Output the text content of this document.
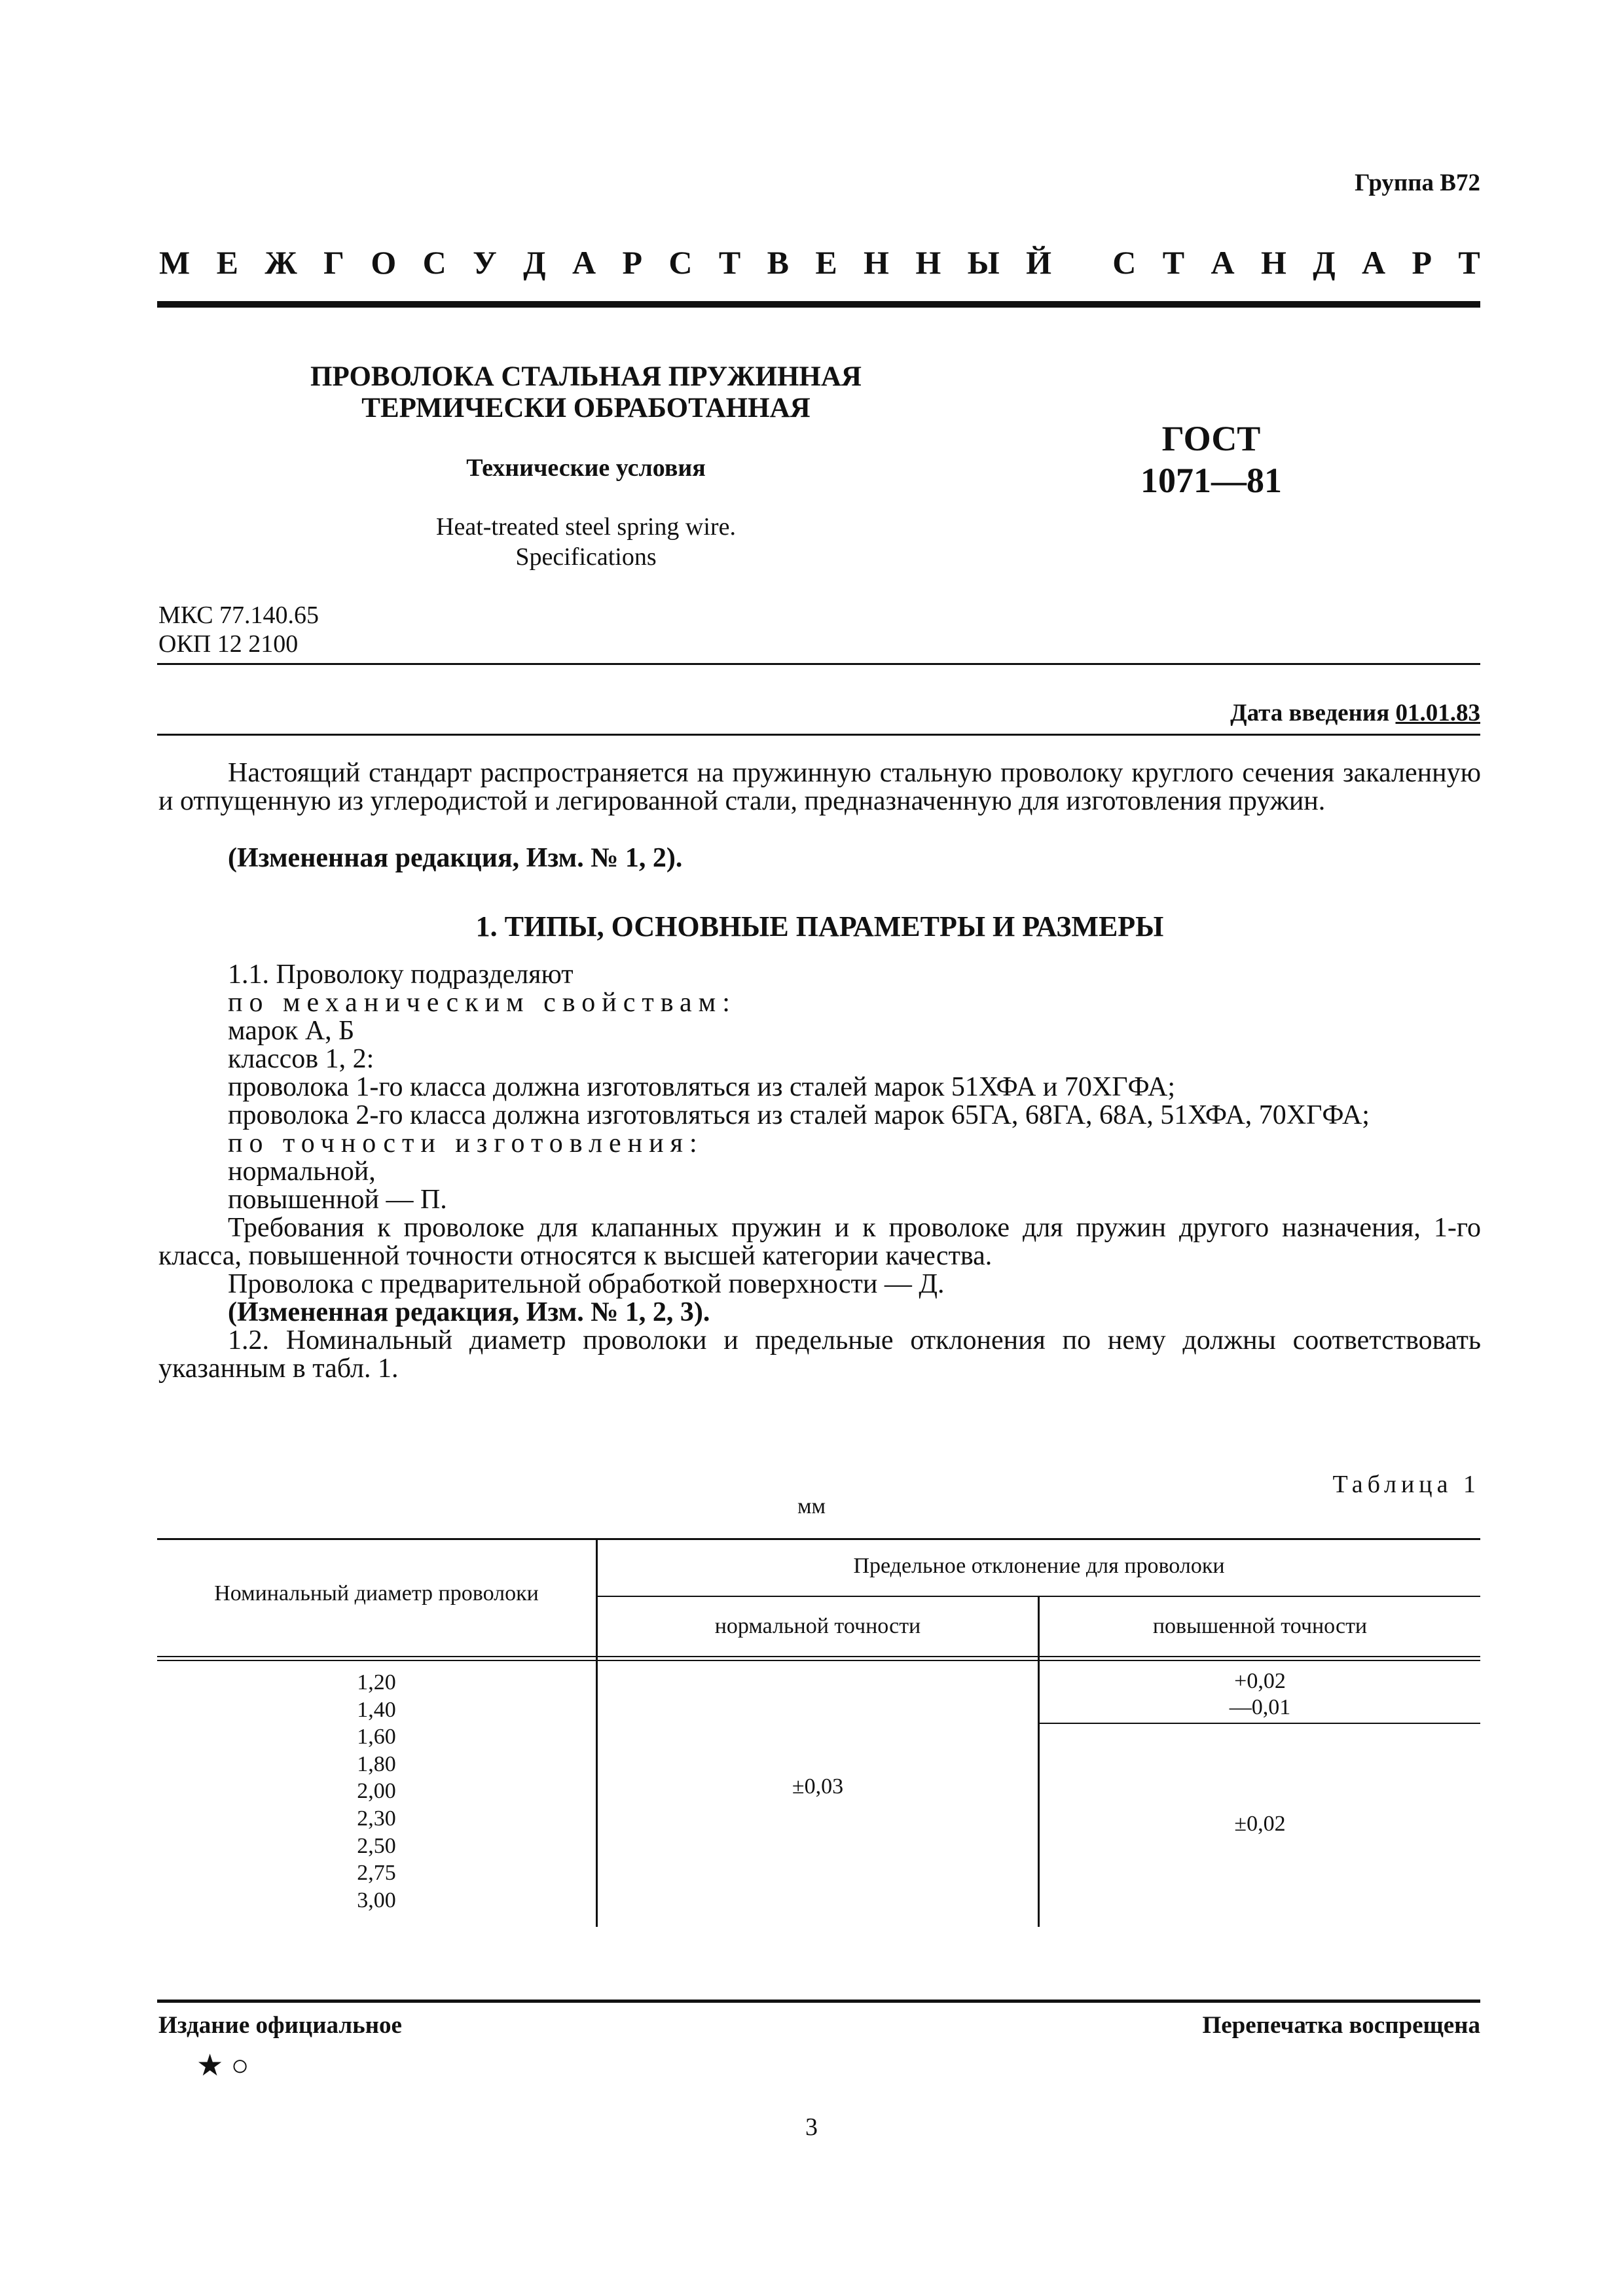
Группа В72
М Е Ж Г О С У Д А Р С Т В Е Н Н Ы Й
С Т А Н Д А Р Т
ПРОВОЛОКА СТАЛЬНАЯ ПРУЖИННАЯ
ТЕРМИЧЕСКИ ОБРАБОТАННАЯ
Технические условия
Heat-treated steel spring wire.
Specifications
ГОСТ
1071—81
МКС 77.140.65
ОКП 12 2100
Дата введения 01.01.83
Настоящий стандарт распространяется на пружинную стальную проволоку круглого сечения закаленную и отпущенную из углеродистой и легированной стали, предназначенную для изготовления пружин.
(Измененная редакция, Изм. № 1, 2).
1. ТИПЫ, ОСНОВНЫЕ ПАРАМЕТРЫ И РАЗМЕРЫ
1.1. Проволоку подразделяют
по механическим свойствам:
марок А, Б
классов 1, 2:
проволока 1-го класса должна изготовляться из сталей марок 51ХФА и 70ХГФА;
проволока 2-го класса должна изготовляться из сталей марок 65ГА, 68ГА, 68А, 51ХФА, 70ХГФА;
по точности изготовления:
нормальной,
повышенной — П.
Требования к проволоке для клапанных пружин и к проволоке для пружин другого назначения, 1-го класса, повышенной точности относятся к высшей категории качества.
Проволока с предварительной обработкой поверхности — Д.
(Измененная редакция, Изм. № 1, 2, 3).
1.2. Номинальный диаметр проволоки и предельные отклонения по нему должны соответствовать указанным в табл. 1.
Таблица 1
мм
Номинальный диаметр проволоки
Предельное отклонение для проволоки
нормальной точности	повышенной точности
1,20
1,40
1,60
1,80
2,00
2,30
2,50
2,75
3,00
±0,03
+0,02
—0,01
±0,02
Издание официальное	Перепечатка воспрещена
★ ○
3
